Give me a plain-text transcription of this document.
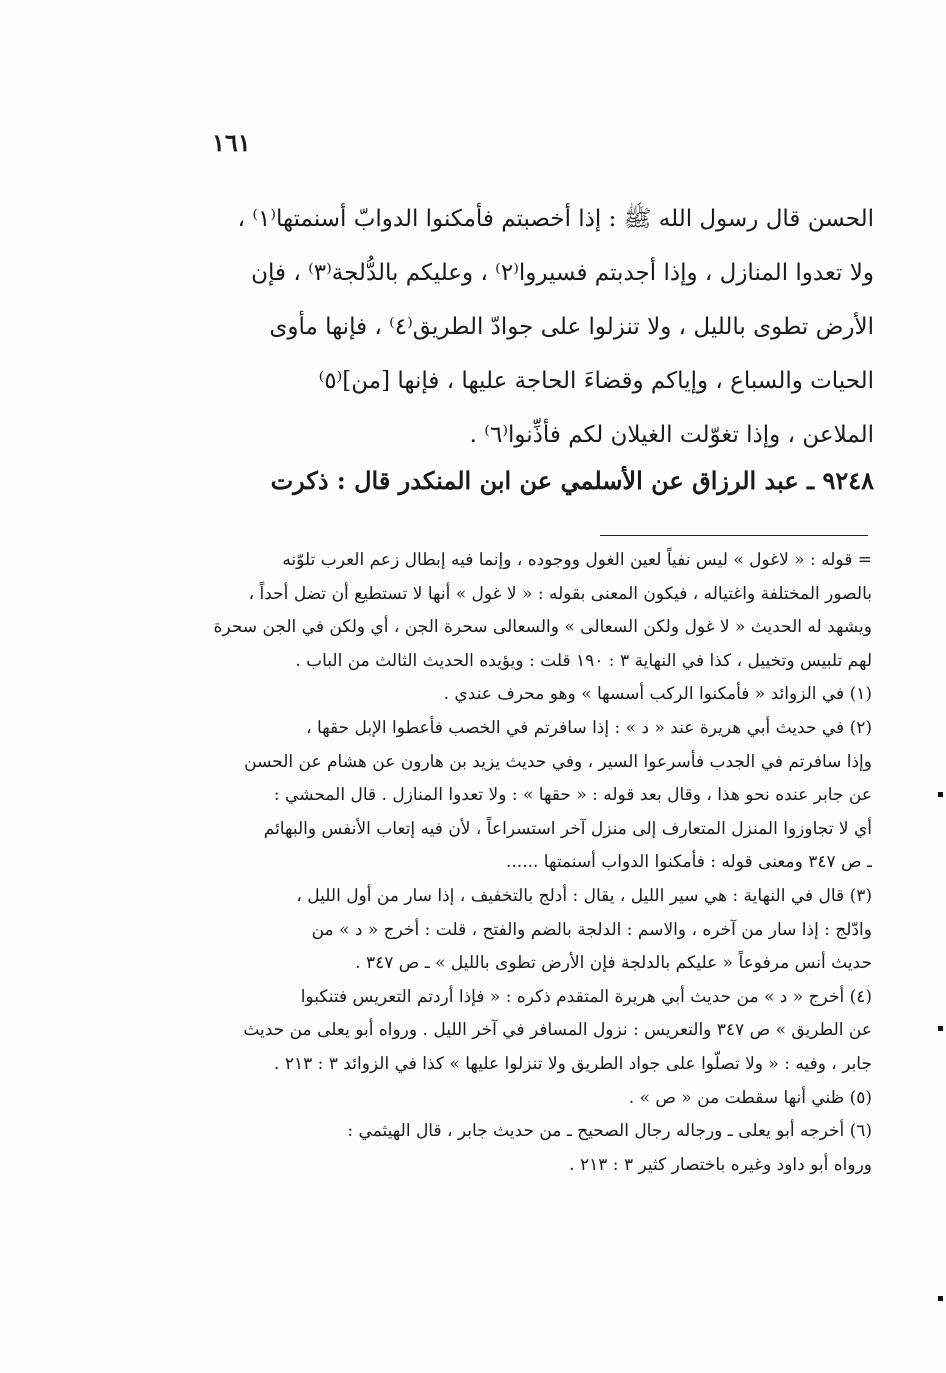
١٦١
الحسن قال رسول الله ﷺ : إذا أخصبتم فأمكنوا الدوابّ أسنمتها⁽١⁾ ،
ولا تعدوا المنازل ، وإذا أجدبتم فسيروا⁽٢⁾ ، وعليكم بالدُّلجة⁽٣⁾ ، فإن
الأرض تطوى بالليل ، ولا تنزلوا على جوادّ الطريق⁽٤⁾ ، فإنها مأوى
الحيات والسباع ، وإياكم وقضاءَ الحاجة عليها ، فإنها [من]⁽٥⁾
الملاعن ، وإذا تغوّلت الغيلان لكم فأذِّنوا⁽٦⁾ .
٩٢٤٨ ـ عبد الرزاق عن الأسلمي عن ابن المنكدر قال : ذكرت
= قوله : « لاغول » ليس نفياً لعين الغول ووجوده ، وإنما فيه إبطال زعم العرب تلوّنه
بالصور المختلفة واغتياله ، فيكون المعنى بقوله : « لا غول » أنها لا تستطيع أن تضل أحداً ،
ويشهد له الحديث « لا غول ولكن السعالى » والسعالى سحرة الجن ، أي ولكن في الجن سحرة
لهم تلبيس وتخييل ، كذا في النهاية ٣ : ١٩٠ قلت : ويؤيده الحديث الثالث من الباب .
(١) في الزوائد « فأمكنوا الركب أسسها » وهو محرف عندي .
(٢) في حديث أبي هريرة عند « د » : إذا سافرتم في الخصب فأعطوا الإبل حقها ،
وإذا سافرتم في الجدب فأسرعوا السير ، وفي حديث يزيد بن هارون عن هشام عن الحسن
عن جابر عنده نحو هذا ، وقال بعد قوله : « حقها » : ولا تعدوا المنازل . قال المحشي :
أي لا تجاوزوا المنزل المتعارف إلى منزل آخر استسراعاً ، لأن فيه إتعاب الأنفس والبهائم
ـ ص ٣٤٧ ومعنى قوله : فأمكنوا الدواب أسنمتها ......
(٣) قال في النهاية : هي سير الليل ، يقال : أدلج بالتخفيف ، إذا سار من أول الليل ،
وادّلج : إذا سار من آخره ، والاسم : الدلجة بالضم والفتح ، قلت : أخرج « د » من
حديث أنس مرفوعاً « عليكم بالدلجة فإن الأرض تطوى بالليل » ـ ص ٣٤٧ .
(٤) أخرج « د » من حديث أبي هريرة المتقدم ذكره : « فإذا أردتم التعريس فتنكبوا
عن الطريق » ص ٣٤٧ والتعريس : نزول المسافر في آخر الليل . ورواه أبو يعلى من حديث
جابر ، وفيه : « ولا تصلّوا على جواد الطريق ولا تنزلوا عليها » كذا في الزوائد ٣ : ٢١٣ .
(٥) ظني أنها سقطت من « ص » .
(٦) أخرجه أبو يعلى ـ ورجاله رجال الصحيح ـ من حديث جابر ، قال الهيثمي :
ورواه أبو داود وغيره باختصار كثير ٣ : ٢١٣ .
